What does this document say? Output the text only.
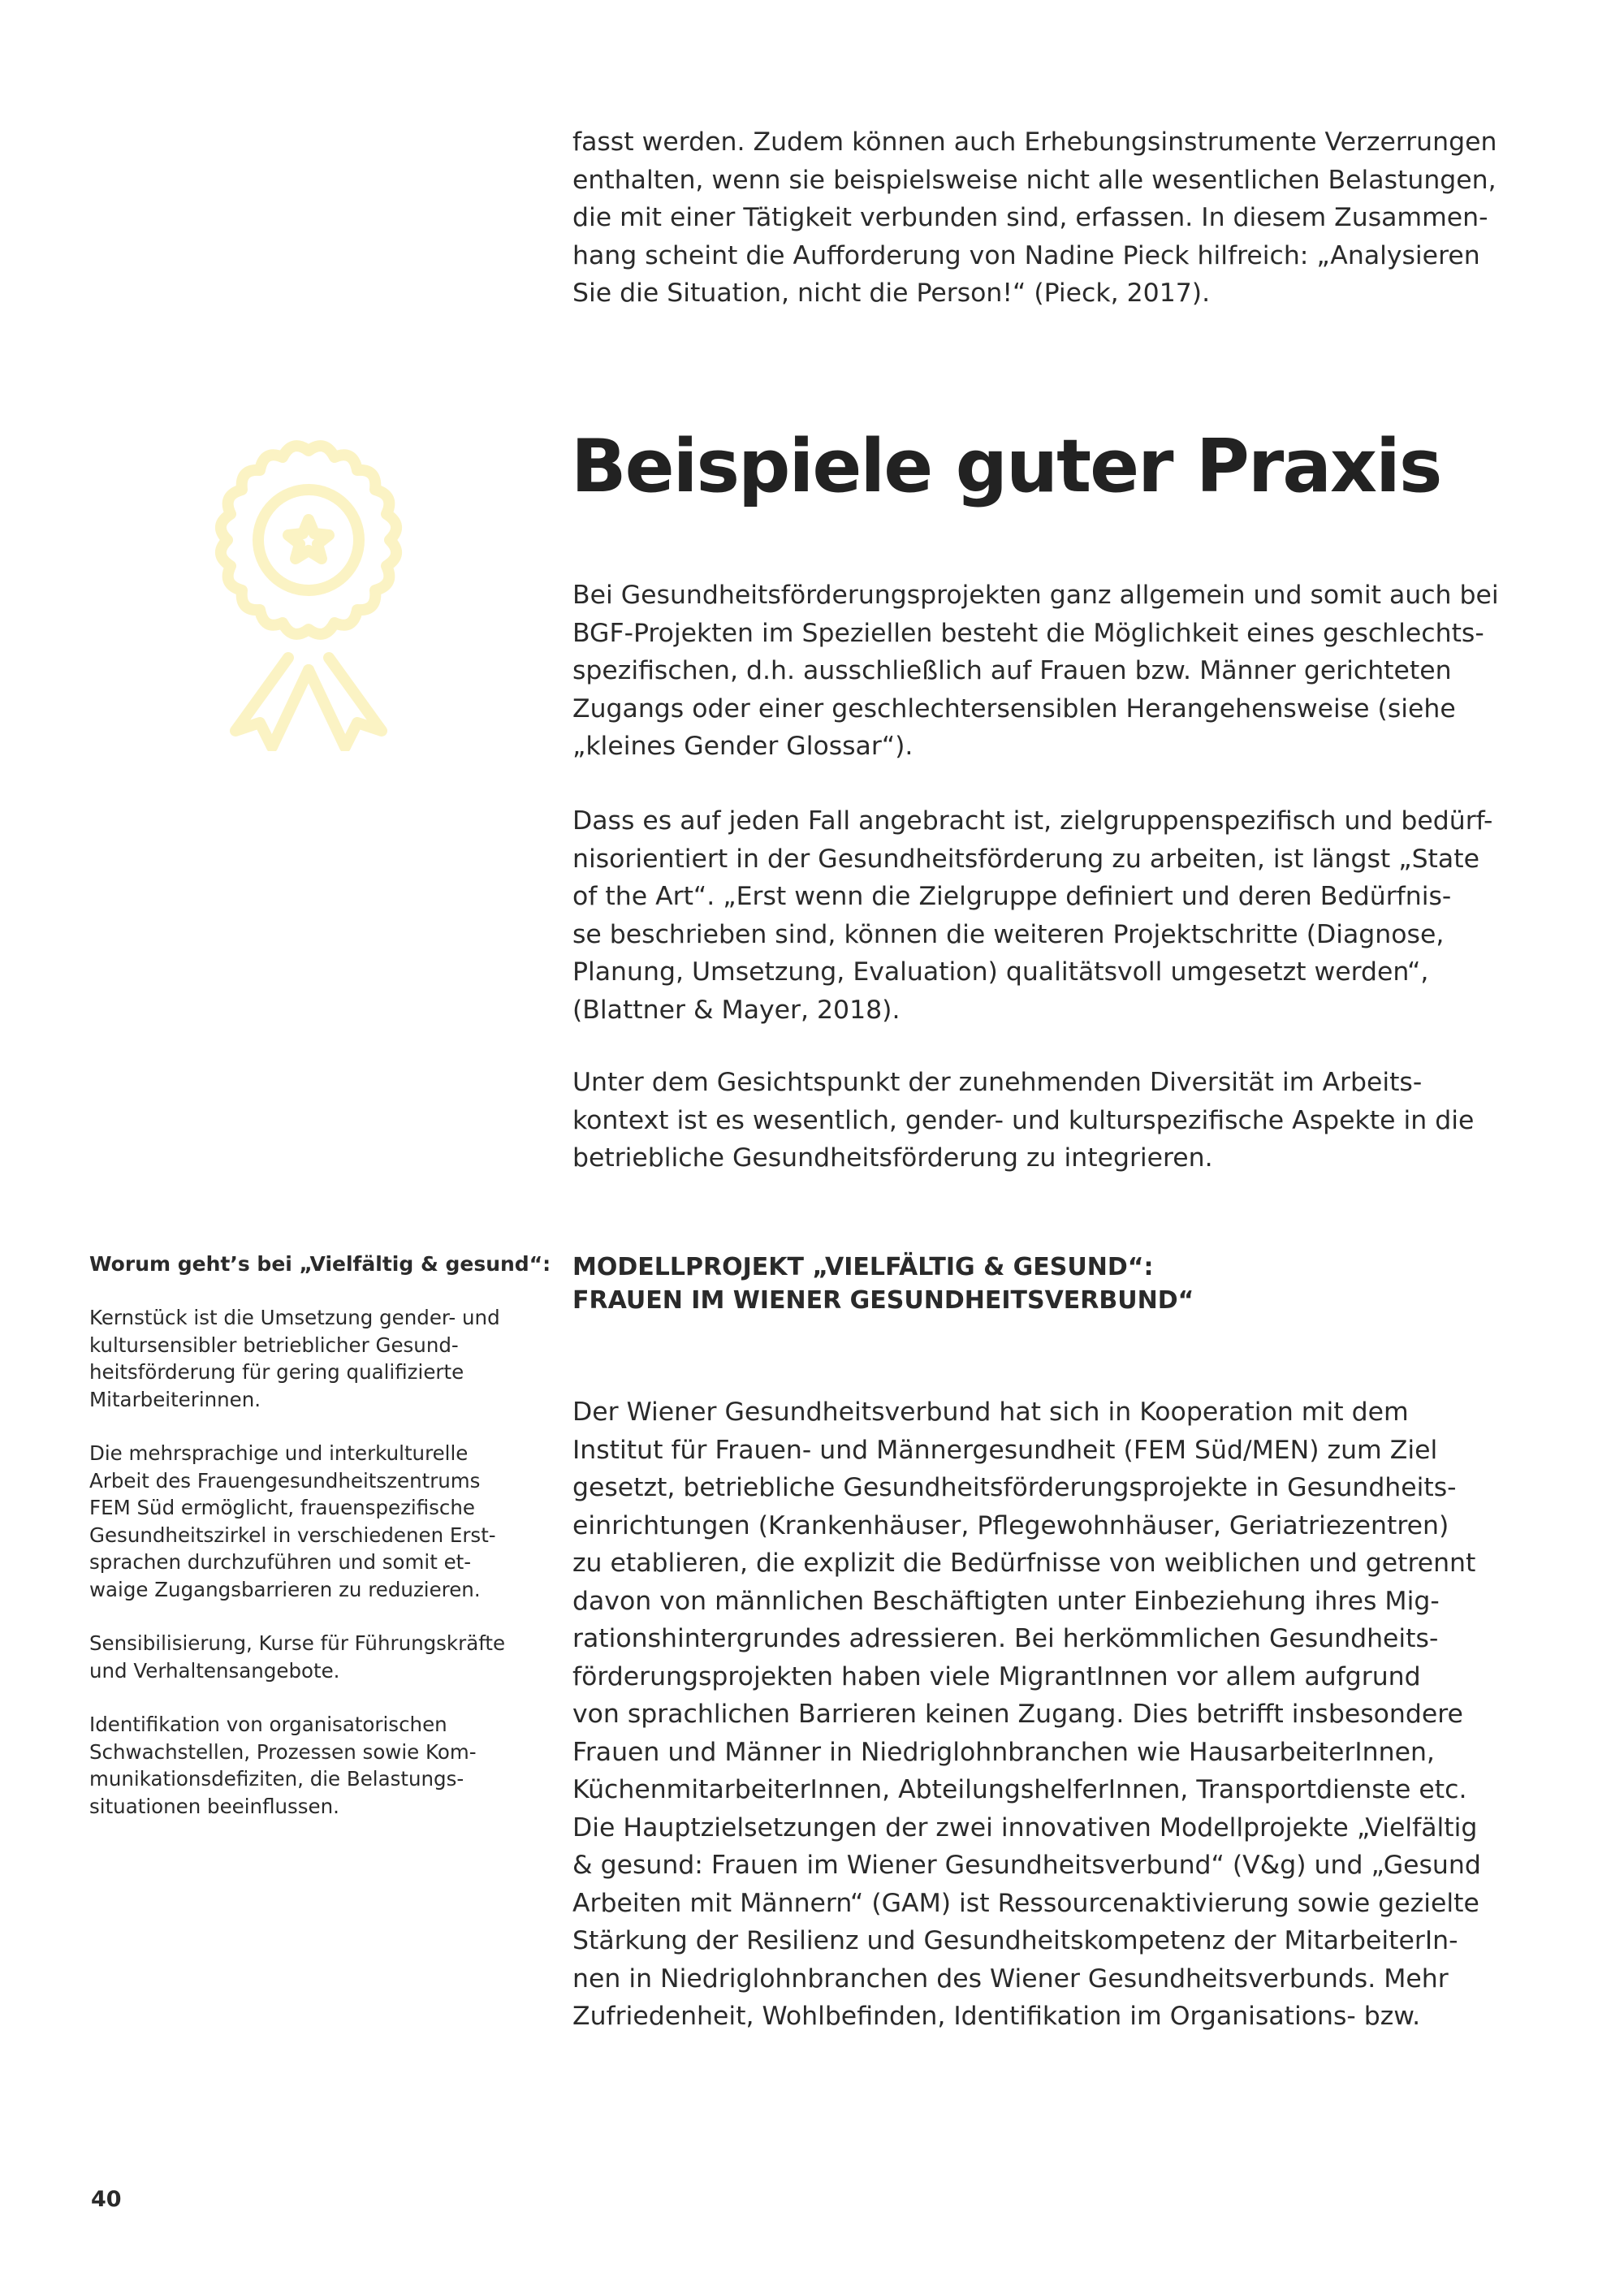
fasst werden. Zudem können auch Erhebungsinstrumente Verzerrungen
enthalten, wenn sie beispielsweise nicht alle wesentlichen Belastungen,
die mit einer Tätigkeit verbunden sind, erfassen. In diesem Zusammen-
hang scheint die Aufforderung von Nadine Pieck hilfreich: „Analysieren
Sie die Situation, nicht die Person!“ (Pieck, 2017).
Beispiele guter Praxis
Bei Gesundheitsförderungsprojekten ganz allgemein und somit auch bei
BGF-Projekten im Speziellen besteht die Möglichkeit eines geschlechts-
spezifischen, d.h. ausschließlich auf Frauen bzw. Männer gerichteten
Zugangs oder einer geschlechtersensiblen Herangehensweise (siehe
„kleines Gender Glossar“).
Dass es auf jeden Fall angebracht ist, zielgruppenspezifisch und bedürf-
nisorientiert in der Gesundheitsförderung zu arbeiten, ist längst „State
of the Art“. „Erst wenn die Zielgruppe definiert und deren Bedürfnis-
se beschrieben sind, können die weiteren Projektschritte (Diagnose,
Planung, Umsetzung, Evaluation) qualitätsvoll umgesetzt werden“,
(Blattner & Mayer, 2018).
Unter dem Gesichtspunkt der zunehmenden Diversität im Arbeits-
kontext ist es wesentlich, gender- und kulturspezifische Aspekte in die
betriebliche Gesundheitsförderung zu integrieren.
MODELLPROJEKT „VIELFÄLTIG & GESUND“:
FRAUEN IM WIENER GESUNDHEITSVERBUND“
Der Wiener Gesundheitsverbund hat sich in Kooperation mit dem
Institut für Frauen- und Männergesundheit (FEM Süd/MEN) zum Ziel
gesetzt, betriebliche Gesundheitsförderungsprojekte in Gesundheits-
einrichtungen (Krankenhäuser, Pflegewohnhäuser, Geriatriezentren)
zu etablieren, die explizit die Bedürfnisse von weiblichen und getrennt
davon von männlichen Beschäftigten unter Einbeziehung ihres Mig-
rationshintergrundes adressieren. Bei herkömmlichen Gesundheits-
förderungsprojekten haben viele MigrantInnen vor allem aufgrund
von sprachlichen Barrieren keinen Zugang. Dies betrifft insbesondere
Frauen und Männer in Niedriglohnbranchen wie HausarbeiterInnen,
KüchenmitarbeiterInnen, AbteilungshelferInnen, Transportdienste etc.
Die Hauptzielsetzungen der zwei innovativen Modellprojekte „Vielfältig
& gesund: Frauen im Wiener Gesundheitsverbund“ (V&g) und „Gesund
Arbeiten mit Männern“ (GAM) ist Ressourcenaktivierung sowie gezielte
Stärkung der Resilienz und Gesundheitskompetenz der MitarbeiterIn-
nen in Niedriglohnbranchen des Wiener Gesundheitsverbunds. Mehr
Zufriedenheit, Wohlbefinden, Identifikation im Organisations- bzw.

Worum geht’s bei „Vielfältig & gesund“:

Kernstück ist die Umsetzung gender- und
kultursensibler betrieblicher Gesund-
heitsförderung für gering qualifizierte
Mitarbeiterinnen.
Die mehrsprachige und interkulturelle
Arbeit des Frauengesundheitszentrums
FEM Süd ermöglicht, frauenspezifische
Gesundheitszirkel in verschiedenen Erst-
sprachen durchzuführen und somit et-
waige Zugangsbarrieren zu reduzieren.
Sensibilisierung, Kurse für Führungskräfte
und Verhaltensangebote.
Identifikation von organisatorischen
Schwachstellen, Prozessen sowie Kom-
munikationsdefiziten, die Belastungs-
situationen beeinflussen.
40
